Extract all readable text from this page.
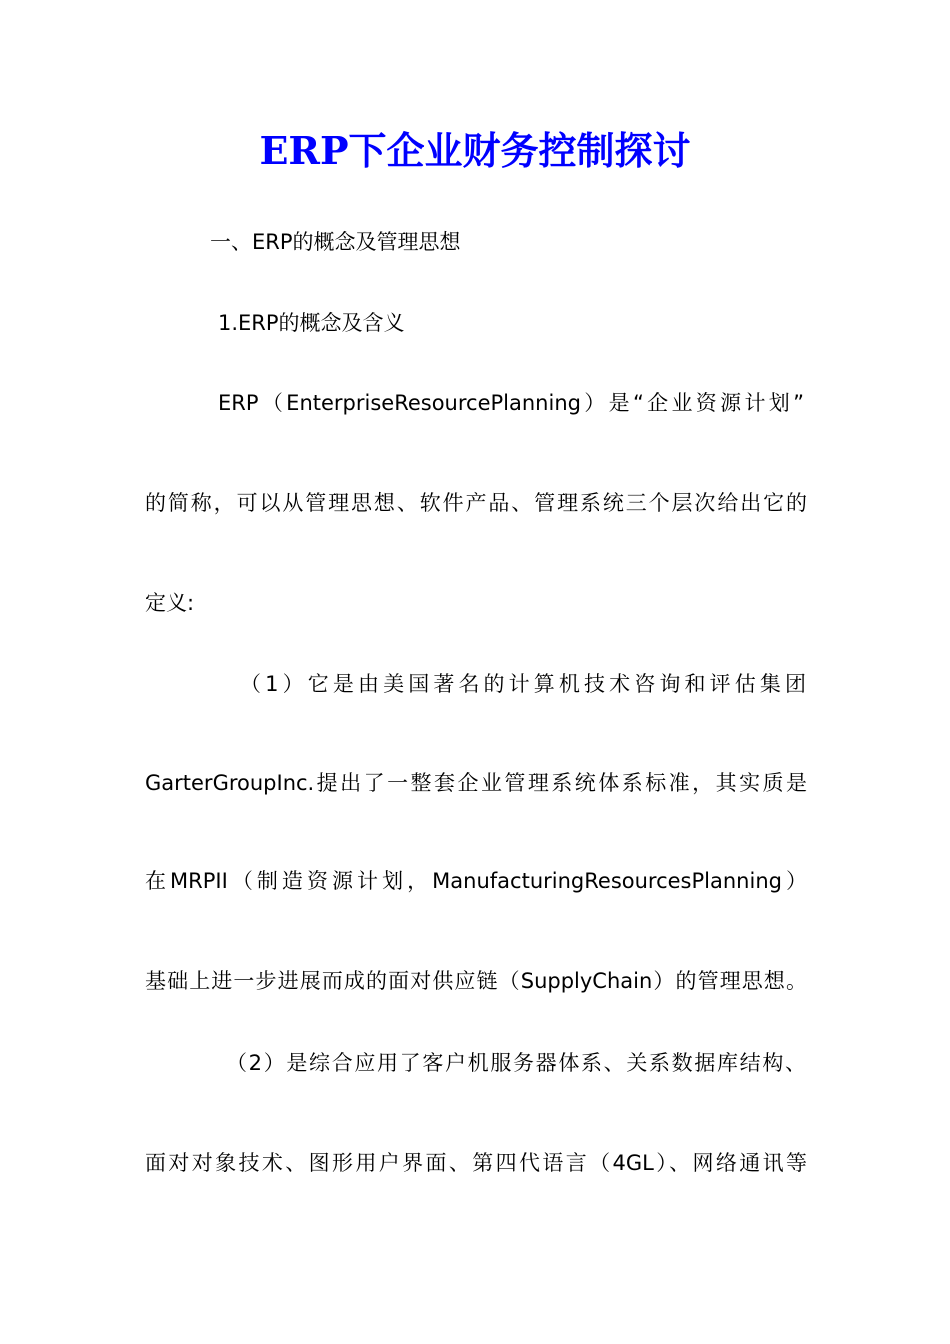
ERP下企业财务控制探讨
一、ERP的概念及管理思想
1.ERP的概念及含义
ERP（EnterpriseResourcePlanning）是“企业资源计划”
的简称，可以从管理思想、软件产品、管理系统三个层次给出它的
定义:
（1）它是由美国著名的计算机技术咨询和评估集团
GarterGroupInc.提出了一整套企业管理系统体系标准，其实质是
在MRPII（制造资源计划，ManufacturingResourcesPlanning）
基础上进一步进展而成的面对供应链（SupplyChain）的管理思想。
（2）是综合应用了客户机服务器体系、关系数据库结构、
面对对象技术、图形用户界面、第四代语言（4GL）、网络通讯等
